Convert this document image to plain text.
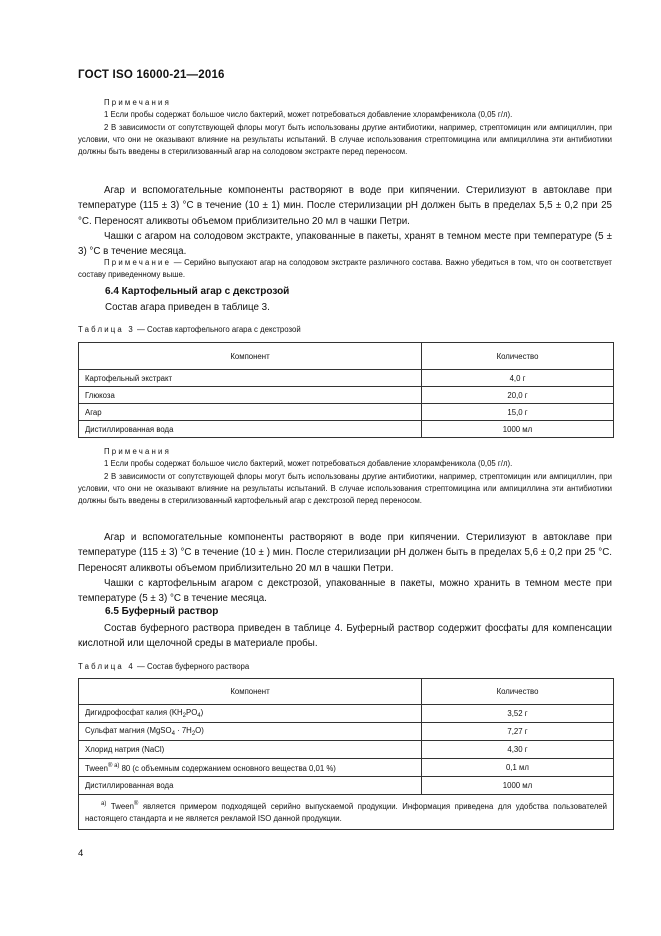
ГОСТ ISO 16000-21—2016
Примечания
1 Если пробы содержат большое число бактерий, может потребоваться добавление хлорамфеникола (0,05 г/л).
2 В зависимости от сопутствующей флоры могут быть использованы другие антибиотики, например, стрептомицин или ампициллин, при условии, что они не оказывают влияние на результаты испытаний. В случае использования стрептомицина или ампициллина эти антибиотики должны быть введены в стерилизованный агар на солодовом экстракте перед переносом.
Агар и вспомогательные компоненты растворяют в воде при кипячении. Стерилизуют в автоклаве при температуре (115 ± 3) °С в течение (10 ± 1) мин. После стерилизации pH должен быть в пределах 5,5 ± 0,2 при 25 °С. Переносят аликвоты объемом приблизительно 20 мл в чашки Петри.
Чашки с агаром на солодовом экстракте, упакованные в пакеты, хранят в темном месте при температуре (5 ± 3) °С в течение месяца.
Примечание — Серийно выпускают агар на солодовом экстракте различного состава. Важно убедиться в том, что он соответствует составу приведенному выше.
6.4 Картофельный агар с декстрозой
Состав агара приведен в таблице 3.
Таблица 3 — Состав картофельного агара с декстрозой
Компонент	Количество
Картофельный экстракт	4,0 г
Глюкоза	20,0 г
Агар	15,0 г
Дистиллированная вода	1000 мл
Примечания
1 Если пробы содержат большое число бактерий, может потребоваться добавление хлорамфеникола (0,05 г/л).
2 В зависимости от сопутствующей флоры могут быть использованы другие антибиотики, например, стрептомицин или ампициллин, при условии, что они не оказывают влияние на результаты испытаний. В случае использования стрептомицина или ампициллина эти антибиотики должны быть введены в стерилизованный картофельный агар с декстрозой перед переносом.
Агар и вспомогательные компоненты растворяют в воде при кипячении. Стерилизуют в автоклаве при температуре (115 ± 3) °С в течение (10 ± ) мин. После стерилизации pH должен быть в пределах 5,6 ± 0,2 при 25 °С. Переносят аликвоты объемом приблизительно 20 мл в чашки Петри.
Чашки с картофельным агаром с декстрозой, упакованные в пакеты, можно хранить в темном месте при температуре (5 ± 3) °С в течение месяца.
6.5 Буферный раствор
Состав буферного раствора приведен в таблице 4. Буферный раствор содержит фосфаты для компенсации кислотной или щелочной среды в материале пробы.
Таблица 4 — Состав буферного раствора
Компонент	Количество
Дигидрофосфат калия $(KH_2PO_4)$	3,52 г
Сульфат магния (MgSO$_4$ · $7H_2O$)	7,27 г
Хлорид натрия (NaCl)	4,30 г
Tween$^{® а)}$ 80 (с объемным содержанием основного вещества 0,01 %)	0,1 мл
Дистиллированная вода	1000 мл
$^{а)}$ Tween® является примером подходящей серийно выпускаемой продукции. Информация приведена для удобства пользователей настоящего стандарта и не является рекламой ISO данной продукции.	
4
